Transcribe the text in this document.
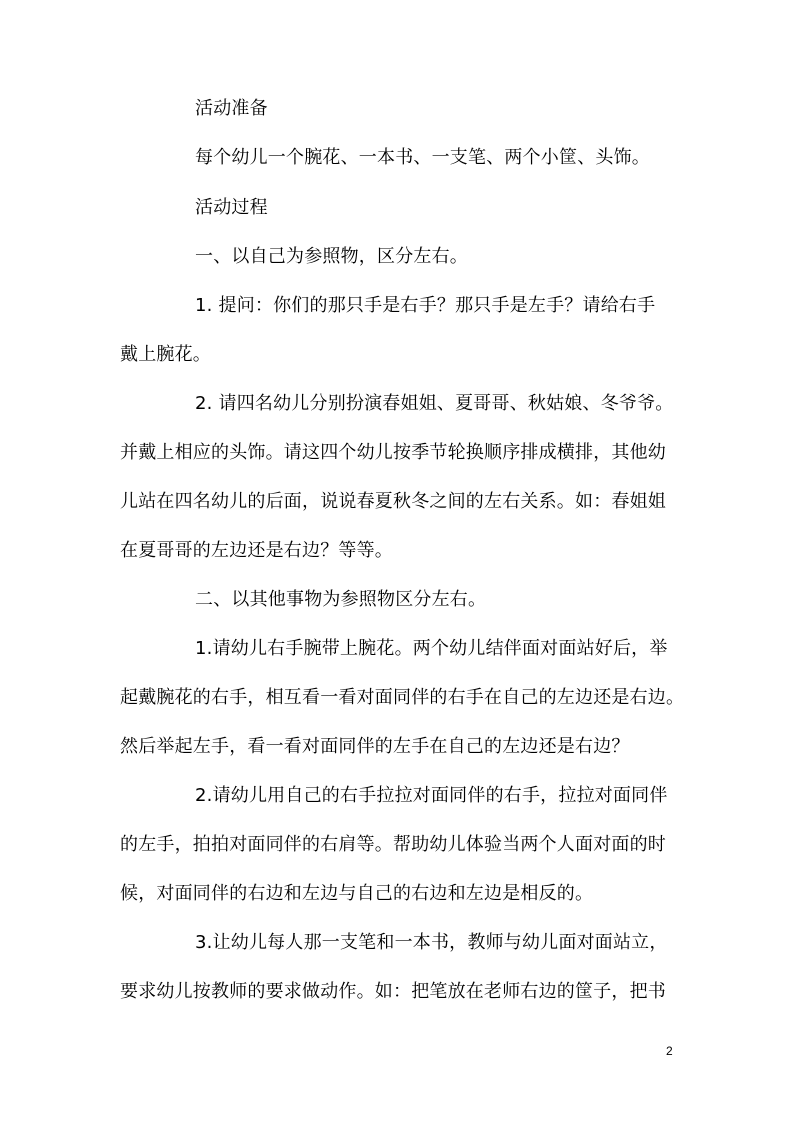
活动准备
每个幼儿一个腕花、一本书、一支笔、两个小筐、头饰。
活动过程
一、以自己为参照物，区分左右。
1. 提问：你们的那只手是右手？那只手是左手？请给右手
戴上腕花。
2. 请四名幼儿分别扮演春姐姐、夏哥哥、秋姑娘、冬爷爷。
并戴上相应的头饰。请这四个幼儿按季节轮换顺序排成横排，其他幼
儿站在四名幼儿的后面，说说春夏秋冬之间的左右关系。如：春姐姐
在夏哥哥的左边还是右边？等等。
二、以其他事物为参照物区分左右。
1.请幼儿右手腕带上腕花。两个幼儿结伴面对面站好后，举
起戴腕花的右手，相互看一看对面同伴的右手在自己的左边还是右边。
然后举起左手，看一看对面同伴的左手在自己的左边还是右边？
2.请幼儿用自己的右手拉拉对面同伴的右手，拉拉对面同伴
的左手，拍拍对面同伴的右肩等。帮助幼儿体验当两个人面对面的时
候，对面同伴的右边和左边与自己的右边和左边是相反的。
3.让幼儿每人那一支笔和一本书，教师与幼儿面对面站立，
要求幼儿按教师的要求做动作。如：把笔放在老师右边的筐子，把书
2
